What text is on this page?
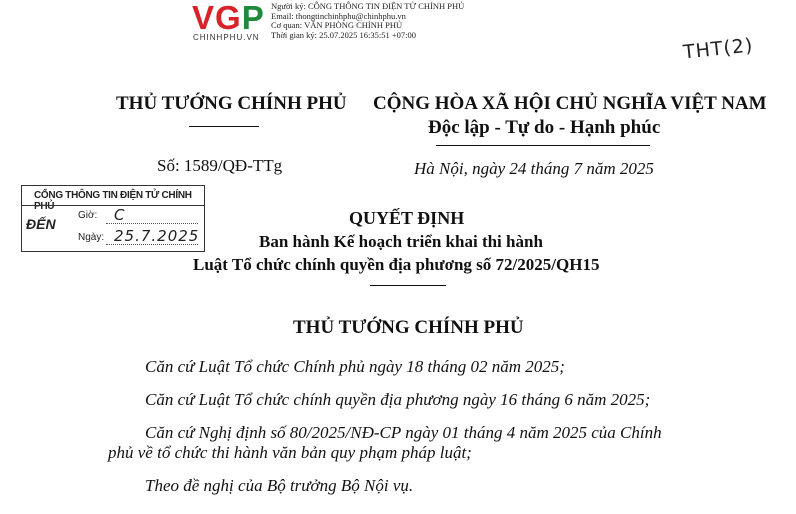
VGP
CHINHPHU.VN
Người ký: CÔNG THÔNG TIN ĐIỆN TỬ CHÍNH PHỦ
Email: thongtinchinhphu@chinhphu.vn
Cơ quan: VĂN PHÒNG CHÍNH PHỦ
Thời gian ký: 25.07.2025 16:35:51 +07:00	THT(2)
THỦ TƯỚNG CHÍNH PHỦ CỘNG HÒA XÃ HỘI CHỦ NGHĨA VIỆT NAM
Độc lập - Tự do - Hạnh phúc
Số: 1589/QĐ-TTg	Hà Nội, ngày 24 tháng 7 năm 2025
CỔNG THÔNG TIN ĐIỆN TỬ CHÍNH PHỦ
ĐẾN
Giờ: C
Ngày: 25.7.2025
QUYẾT ĐỊNH
Ban hành Kế hoạch triển khai thi hành
Luật Tổ chức chính quyền địa phương số 72/2025/QH15
THỦ TƯỚNG CHÍNH PHỦ
Căn cứ Luật Tổ chức Chính phủ ngày 18 tháng 02 năm 2025;
Căn cứ Luật Tổ chức chính quyền địa phương ngày 16 tháng 6 năm 2025;
Căn cứ Nghị định số 80/2025/NĐ-CP ngày 01 tháng 4 năm 2025 của Chính
phủ về tổ chức thi hành văn bản quy phạm pháp luật;
Theo đề nghị của Bộ trưởng Bộ Nội vụ.
